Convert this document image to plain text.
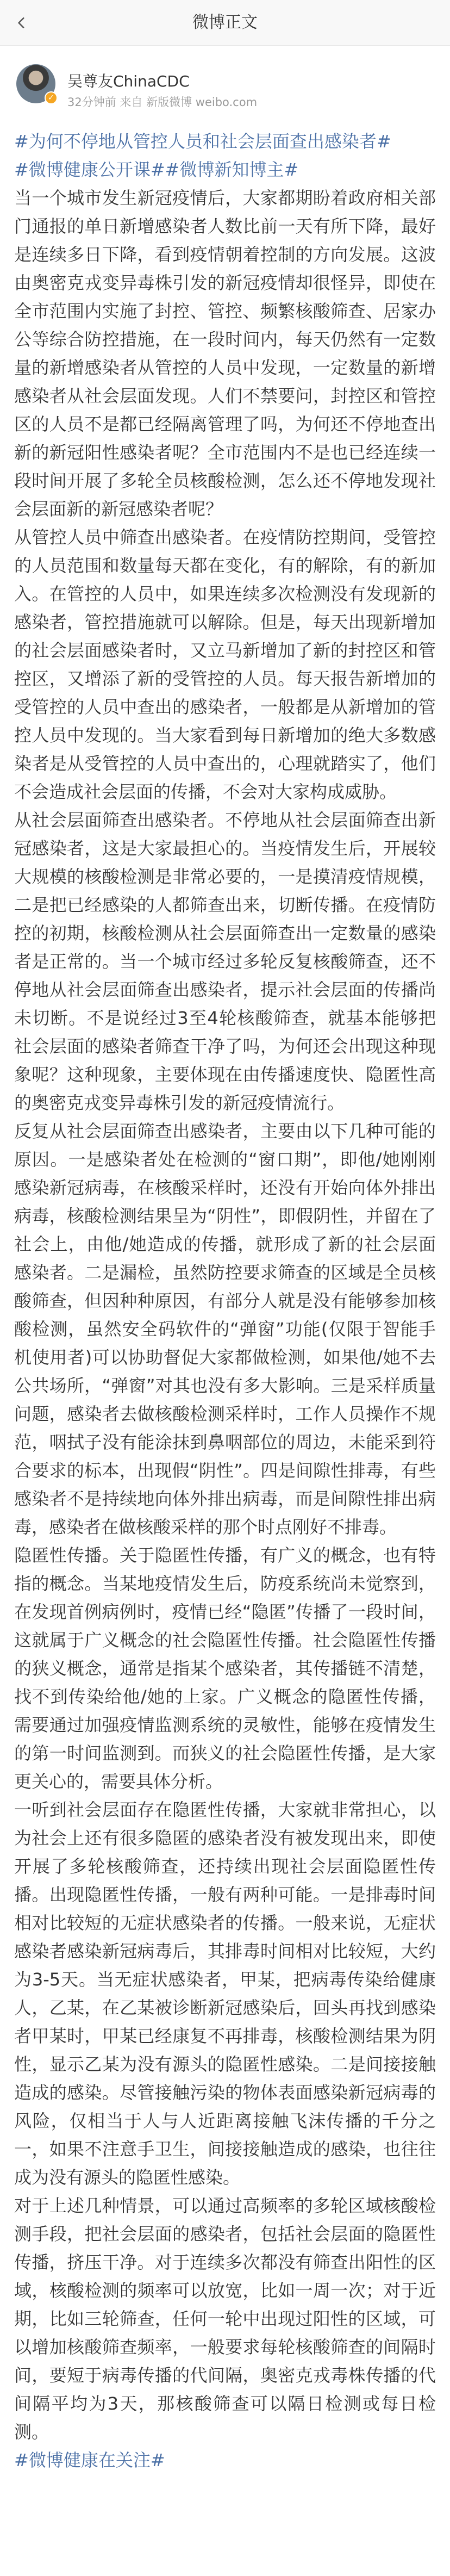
微博正文
✓
吴尊友ChinaCDC
32分钟前 来自 新版微博 weibo.com

#为何不停地从管控人员和社会层面查出感染者#

#微博健康公开课##微博新知博主#

当一个城市发生新冠疫情后，大家都期盼着政府相关部门通报的单日新增感染者人数比前一天有所下降，最好是连续多日下降，看到疫情朝着控制的方向发展。这波由奥密克戎变异毒株引发的新冠疫情却很怪异，即使在全市范围内实施了封控、管控、频繁核酸筛查、居家办公等综合防控措施，在一段时间内，每天仍然有一定数量的新增感染者从管控的人员中发现，一定数量的新增感染者从社会层面发现。人们不禁要问，封控区和管控区的人员不是都已经隔离管理了吗，为何还不停地查出新的新冠阳性感染者呢？全市范围内不是也已经连续一段时间开展了多轮全员核酸检测，怎么还不停地发现社会层面新的新冠感染者呢？

从管控人员中筛查出感染者。在疫情防控期间，受管控的人员范围和数量每天都在变化，有的解除，有的新加入。在管控的人员中，如果连续多次检测没有发现新的感染者，管控措施就可以解除。但是，每天出现新增加的社会层面感染者时，又立马新增加了新的封控区和管控区，又增添了新的受管控的人员。每天报告新增加的受管控的人员中查出的感染者，一般都是从新增加的管控人员中发现的。当大家看到每日新增加的绝大多数感染者是从受管控的人员中查出的，心理就踏实了，他们不会造成社会层面的传播，不会对大家构成威胁。

从社会层面筛查出感染者。不停地从社会层面筛查出新冠感染者，这是大家最担心的。当疫情发生后，开展较大规模的核酸检测是非常必要的，一是摸清疫情规模，二是把已经感染的人都筛查出来，切断传播。在疫情防控的初期，核酸检测从社会层面筛查出一定数量的感染者是正常的。当一个城市经过多轮反复核酸筛查，还不停地从社会层面筛查出感染者，提示社会层面的传播尚未切断。不是说经过3至4轮核酸筛查，就基本能够把社会层面的感染者筛查干净了吗，为何还会出现这种现象呢？这种现象，主要体现在由传播速度快、隐匿性高的奥密克戎变异毒株引发的新冠疫情流行。

反复从社会层面筛查出感染者，主要由以下几种可能的原因。一是感染者处在检测的“窗口期”，即他/她刚刚感染新冠病毒，在核酸采样时，还没有开始向体外排出病毒，核酸检测结果呈为“阴性”，即假阴性，并留在了社会上，由他/她造成的传播，就形成了新的社会层面感染者。二是漏检，虽然防控要求筛查的区域是全员核酸筛查，但因种种原因，有部分人就是没有能够参加核酸检测，虽然安全码软件的“弹窗”功能(仅限于智能手机使用者)可以协助督促大家都做检测，如果他/她不去公共场所，“弹窗”对其也没有多大影响。三是采样质量问题，感染者去做核酸检测采样时，工作人员操作不规范，咽拭子没有能涂抹到鼻咽部位的周边，未能采到符合要求的标本，出现假“阴性”。四是间隙性排毒，有些感染者不是持续地向体外排出病毒，而是间隙性排出病毒，感染者在做核酸采样的那个时点刚好不排毒。

隐匿性传播。关于隐匿性传播，有广义的概念，也有特指的概念。当某地疫情发生后，防疫系统尚未觉察到，在发现首例病例时，疫情已经“隐匿”传播了一段时间，这就属于广义概念的社会隐匿性传播。社会隐匿性传播的狭义概念，通常是指某个感染者，其传播链不清楚，找不到传染给他/她的上家。广义概念的隐匿性传播，需要通过加强疫情监测系统的灵敏性，能够在疫情发生的第一时间监测到。而狭义的社会隐匿性传播，是大家更关心的，需要具体分析。

一听到社会层面存在隐匿性传播，大家就非常担心，以为社会上还有很多隐匿的感染者没有被发现出来，即使开展了多轮核酸筛查，还持续出现社会层面隐匿性传播。出现隐匿性传播，一般有两种可能。一是排毒时间相对比较短的无症状感染者的传播。一般来说，无症状感染者感染新冠病毒后，其排毒时间相对比较短，大约为3-5天。当无症状感染者，甲某，把病毒传染给健康人，乙某，在乙某被诊断新冠感染后，回头再找到感染者甲某时，甲某已经康复不再排毒，核酸检测结果为阴性，显示乙某为没有源头的隐匿性感染。二是间接接触造成的感染。尽管接触污染的物体表面感染新冠病毒的风险，仅相当于人与人近距离接触飞沫传播的千分之一，如果不注意手卫生，间接接触造成的感染，也往往成为没有源头的隐匿性感染。

对于上述几种情景，可以通过高频率的多轮区域核酸检测手段，把社会层面的感染者，包括社会层面的隐匿性传播，挤压干净。对于连续多次都没有筛查出阳性的区域，核酸检测的频率可以放宽，比如一周一次；对于近期，比如三轮筛查，任何一轮中出现过阳性的区域，可以增加核酸筛查频率，一般要求每轮核酸筛查的间隔时间，要短于病毒传播的代间隔，奥密克戎毒株传播的代间隔平均为3天，那核酸筛查可以隔日检测或每日检测。

#微博健康在关注#
